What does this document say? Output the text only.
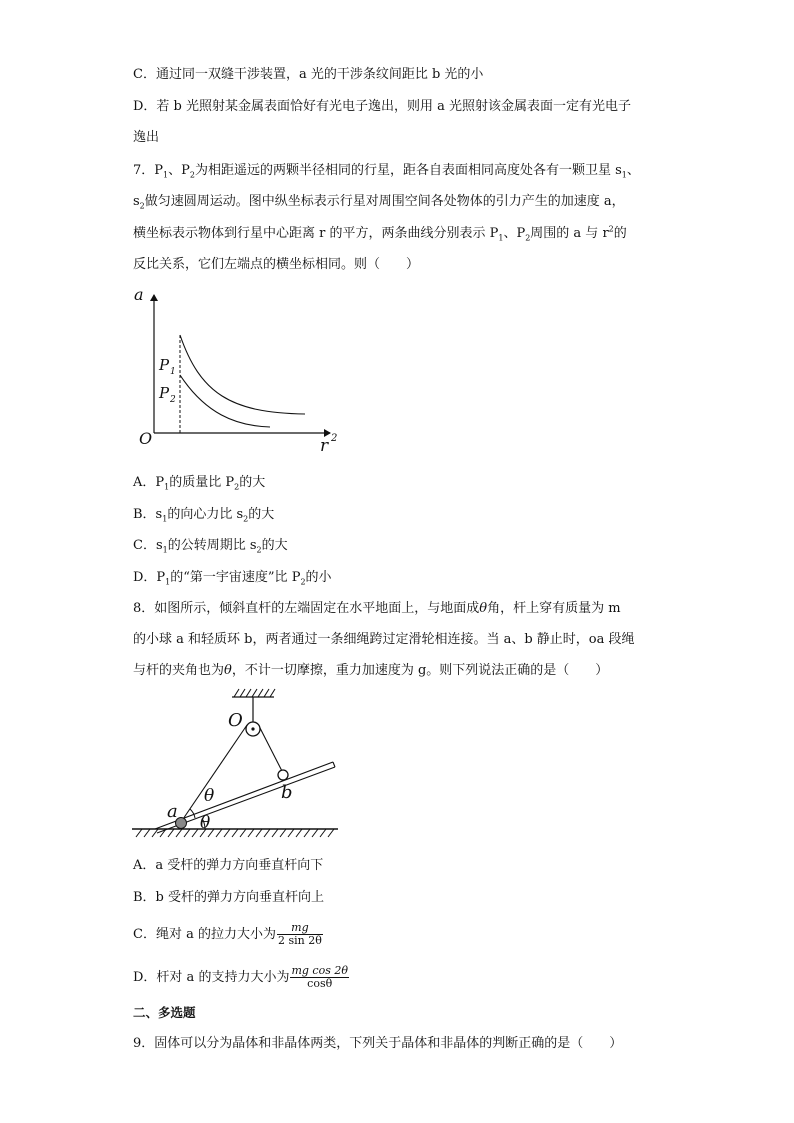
C．通过同一双缝干涉装置，a 光的干涉条纹间距比 b 光的小
D．若 b 光照射某金属表面恰好有光电子逸出，则用 a 光照射该金属表面一定有光电子
逸出
7．$P_1$、$P_2$为相距遥远的两颗半径相同的行星，距各自表面相同高度处各有一颗卫星 $s_1$、
$s_2$做匀速圆周运动。图中纵坐标表示行星对周围空间各处物体的引力产生的加速度 a，
横坐标表示物体到行星中心距离 r 的平方，两条曲线分别表示 $P_1$、$P_2$周围的 a 与 $r^2$的
反比关系，它们左端点的横坐标相同。则（　　）
a
O	r 2
P 1
P 2
A．$P_1$的质量比 $P_2$的大
B．$s_1$的向心力比 $s_2$的大
C．$s_1$的公转周期比 $s_2$的大
D．$P_1$的“第一宇宙速度”比 $P_2$的小
8．如图所示，倾斜直杆的左端固定在水平地面上，与地面成θ角，杆上穿有质量为 m
的小球 a 和轻质环 b，两者通过一条细绳跨过定滑轮相连接。当 a、b 静止时，oa 段绳
与杆的夹角也为θ，不计一切摩擦，重力加速度为 g。则下列说法正确的是（　　）
O
a
b
θ
θ
A．a 受杆的弹力方向垂直杆向下
B．b 受杆的弹力方向垂直杆向上
C．绳对 a 的拉力大小为 $\frac{mg}{2 \sin 2\theta}$
D．杆对 a 的支持力大小为 $\frac{\text{mg cos 2θ}}{\cos\theta}$
二、多选题
9．固体可以分为晶体和非晶体两类，下列关于晶体和非晶体的判断正确的是（　　）
